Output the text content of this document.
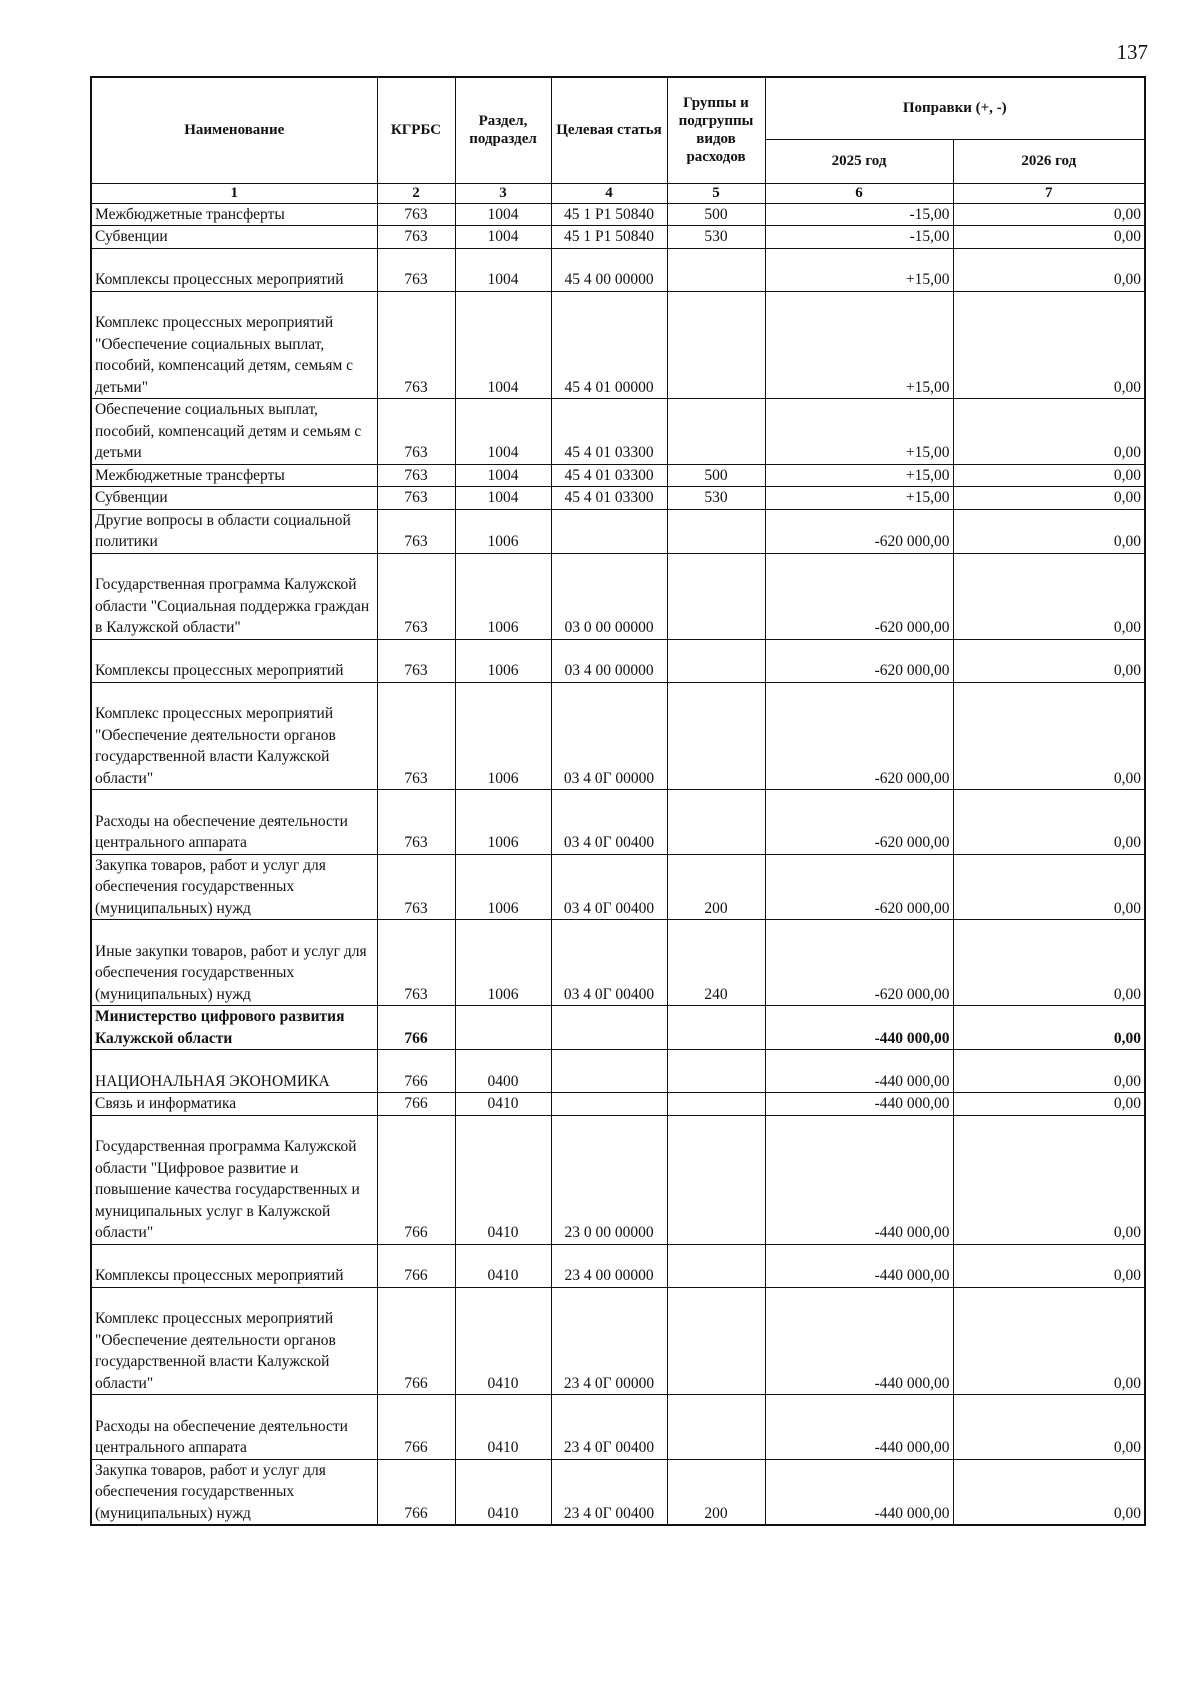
137
Наименование	КГРБС	Раздел, подраздел	Целевая статья	Группы и подгруппы видов расходов	Поправки (+, -)	
					2025 год	2026 год
1	2	3	4	5	6	7
Межбюджетные трансферты	763	1004	45 1 P1 50840	500	-15,00	0,00
Субвенции	763	1004	45 1 P1 50840	530	-15,00	0,00
Комплексы процессных мероприятий	763	1004	45 4 00 00000		+15,00	0,00
Комплекс процессных мероприятий "Обеспечение социальных выплат, пособий, компенсаций детям, семьям с детьми"	763	1004	45 4 01 00000		+15,00	0,00
Обеспечение социальных выплат, пособий, компенсаций детям и семьям с детьми	763	1004	45 4 01 03300		+15,00	0,00
Межбюджетные трансферты	763	1004	45 4 01 03300	500	+15,00	0,00
Субвенции	763	1004	45 4 01 03300	530	+15,00	0,00
Другие вопросы в области социальной политики	763	1006			-620 000,00	0,00
Государственная программа Калужской области "Социальная поддержка граждан в Калужской области"	763	1006	03 0 00 00000		-620 000,00	0,00
Комплексы процессных мероприятий	763	1006	03 4 00 00000		-620 000,00	0,00
Комплекс процессных мероприятий "Обеспечение деятельности органов государственной власти Калужской области"	763	1006	03 4 0Г 00000		-620 000,00	0,00
Расходы на обеспечение деятельности центрального аппарата	763	1006	03 4 0Г 00400		-620 000,00	0,00
Закупка товаров, работ и услуг для обеспечения государственных (муниципальных) нужд	763	1006	03 4 0Г 00400	200	-620 000,00	0,00
Иные закупки товаров, работ и услуг для обеспечения государственных (муниципальных) нужд	763	1006	03 4 0Г 00400	240	-620 000,00	0,00
Министерство цифрового развития Калужской области	766				-440 000,00	0,00
НАЦИОНАЛЬНАЯ ЭКОНОМИКА	766	0400			-440 000,00	0,00
Связь и информатика	766	0410			-440 000,00	0,00
Государственная программа Калужской области "Цифровое развитие и повышение качества государственных и муниципальных услуг в Калужской области"	766	0410	23 0 00 00000		-440 000,00	0,00
Комплексы процессных мероприятий	766	0410	23 4 00 00000		-440 000,00	0,00
Комплекс процессных мероприятий "Обеспечение деятельности органов государственной власти Калужской области"	766	0410	23 4 0Г 00000		-440 000,00	0,00
Расходы на обеспечение деятельности центрального аппарата	766	0410	23 4 0Г 00400		-440 000,00	0,00
Закупка товаров, работ и услуг для обеспечения государственных (муниципальных) нужд	766	0410	23 4 0Г 00400	200	-440 000,00	0,00
